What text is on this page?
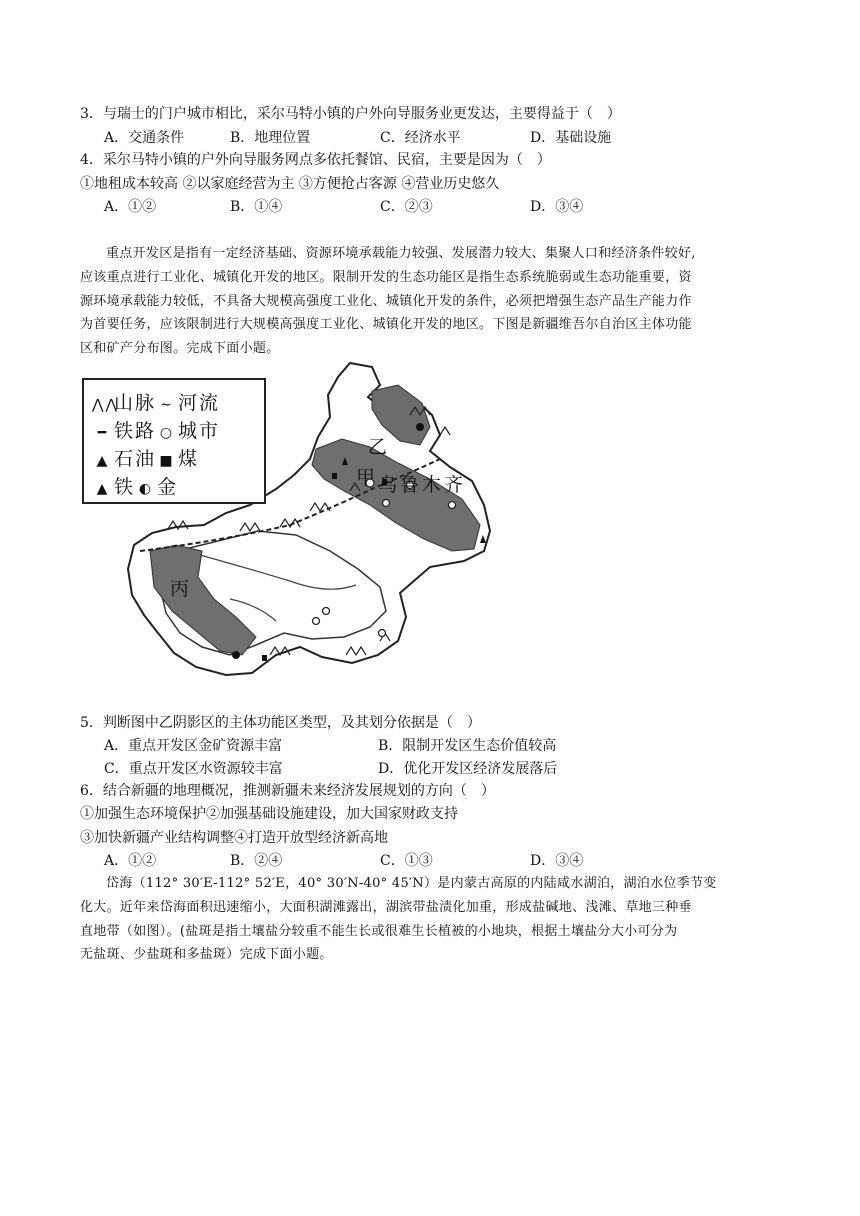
3．与瑞士的门户城市相比，采尔马特小镇的户外向导服务业更发达，主要得益于（　）
A．交通条件	B．地理位置	C．经济水平	D．基础设施
4．采尔马特小镇的户外向导服务网点多依托餐馆、民宿，主要是因为（　）
①地租成本较高 ②以家庭经营为主 ③方便抢占客源 ④营业历史悠久
A．①②	B．①④	C．②③	D．③④
重点开发区是指有一定经济基础、资源环境承载能力较强、发展潜力较大、集聚人口和经济条件较好,
应该重点进行工业化、城镇化开发的地区。限制开发的生态功能区是指生态系统脆弱或生态功能重要，资
源环境承载能力较低，不具备大规模高强度工业化、城镇化开发的条件，必须把增强生态产品生产能力作
为首要任务，应该限制进行大规模高强度工业化、城镇化开发的地区。下图是新疆维吾尔自治区主体功能
区和矿产分布图。完成下面小题。
⋀⋀山脉 ∼ 河流
━ 铁路 ○ 城市
▲ 石油 ■ 煤
▲ 铁 ◐ 金
乙
甲 乌鲁木齐
丙
5．判断图中乙阴影区的主体功能区类型，及其划分依据是（　）
A．重点开发区金矿资源丰富	B．限制开发区生态价值较高
C．重点开发区水资源较丰富	D．优化开发区经济发展落后
6．结合新疆的地理概况，推测新疆未来经济发展规划的方向（　）
①加强生态环境保护②加强基础设施建设，加大国家财政支持
③加快新疆产业结构调整④打造开放型经济新高地
A．①②	B．②④	C．①③	D．③④
岱海（112° 30′E-112° 52′E，40° 30′N-40° 45′N）是内蒙古高原的内陆咸水湖泊，湖泊水位季节变
化大。近年来岱海面积迅速缩小，大面积湖滩露出，湖滨带盐渍化加重，形成盐碱地、浅滩、草地三种垂
直地带（如图）。(盐斑是指土壤盐分较重不能生长或很难生长植被的小地块，根据土壤盐分大小可分为
无盐斑、少盐斑和多盐斑）完成下面小题。
